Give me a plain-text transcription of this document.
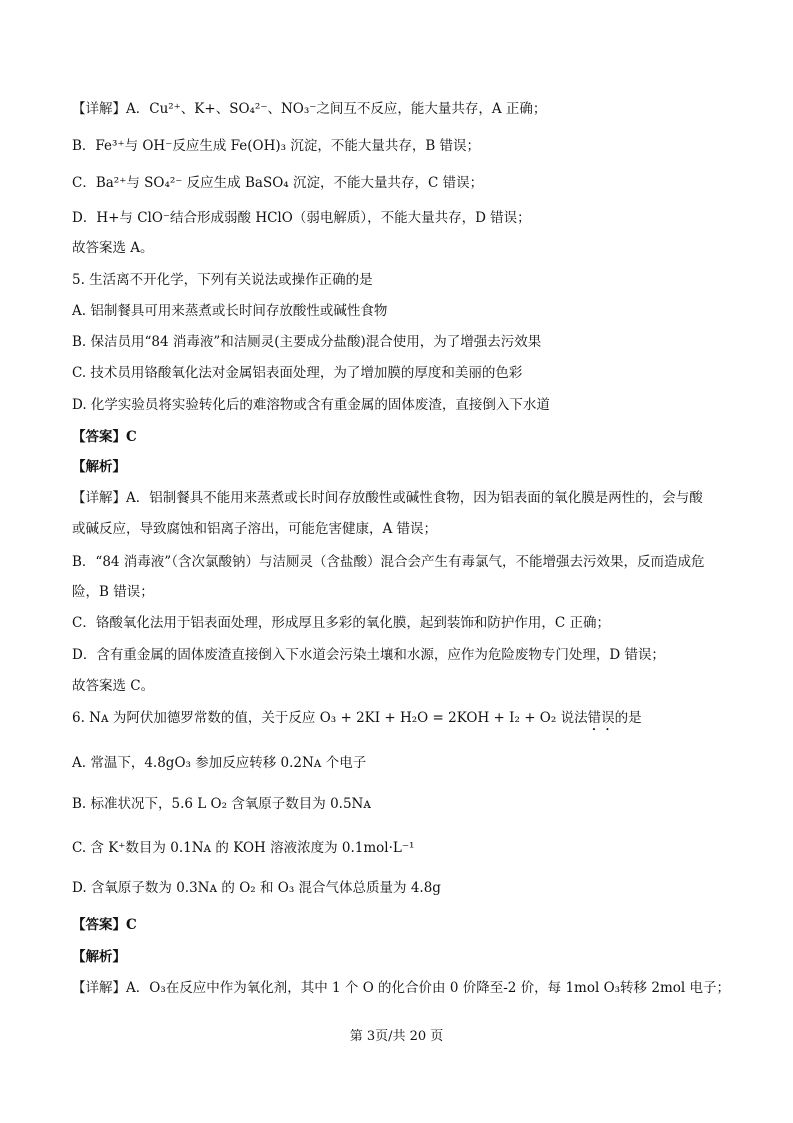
【详解】A．Cu²⁺、K+、SO₄²⁻、NO₃⁻之间互不反应，能大量共存，A 正确；
B．Fe³⁺与 OH⁻反应生成 Fe(OH)₃ 沉淀，不能大量共存，B 错误；
C．Ba²⁺与 SO₄²⁻ 反应生成 BaSO₄ 沉淀，不能大量共存，C 错误；
D．H+与 ClO⁻结合形成弱酸 HClO（弱电解质），不能大量共存，D 错误；
故答案选 A。
5. 生活离不开化学，下列有关说法或操作正确的是
A. 铝制餐具可用来蒸煮或长时间存放酸性或碱性食物
B. 保洁员用“84 消毒液”和洁厕灵(主要成分盐酸)混合使用，为了增强去污效果
C. 技术员用铬酸氧化法对金属铝表面处理，为了增加膜的厚度和美丽的色彩
D. 化学实验员将实验转化后的难溶物或含有重金属的固体废渣，直接倒入下水道
【答案】C
【解析】
【详解】A．铝制餐具不能用来蒸煮或长时间存放酸性或碱性食物，因为铝表面的氧化膜是两性的，会与酸
或碱反应，导致腐蚀和铝离子溶出，可能危害健康，A 错误；
B．“84 消毒液”（含次氯酸钠）与洁厕灵（含盐酸）混合会产生有毒氯气，不能增强去污效果，反而造成危
险，B 错误；
C．铬酸氧化法用于铝表面处理，形成厚且多彩的氧化膜，起到装饰和防护作用，C 正确；
D．含有重金属的固体废渣直接倒入下水道会污染土壤和水源，应作为危险废物专门处理，D 错误；
故答案选 C。
6. Nᴀ 为阿伏加德罗常数的值，关于反应 O₃ + 2KI + H₂O = 2KOH + I₂ + O₂ 说法错误的是
A. 常温下，4.8gO₃ 参加反应转移 0.2Nᴀ 个电子
B. 标准状况下，5.6 L O₂ 含氧原子数目为 0.5Nᴀ
C. 含 K⁺数目为 0.1Nᴀ 的 KOH 溶液浓度为 0.1mol·L⁻¹
D. 含氧原子数为 0.3Nᴀ 的 O₂ 和 O₃ 混合气体总质量为 4.8g
【答案】C
【解析】
【详解】A．O₃在反应中作为氧化剂，其中 1 个 O 的化合价由 0 价降至-2 价，每 1mol O₃转移 2mol 电子；
第 3页/共 20 页
